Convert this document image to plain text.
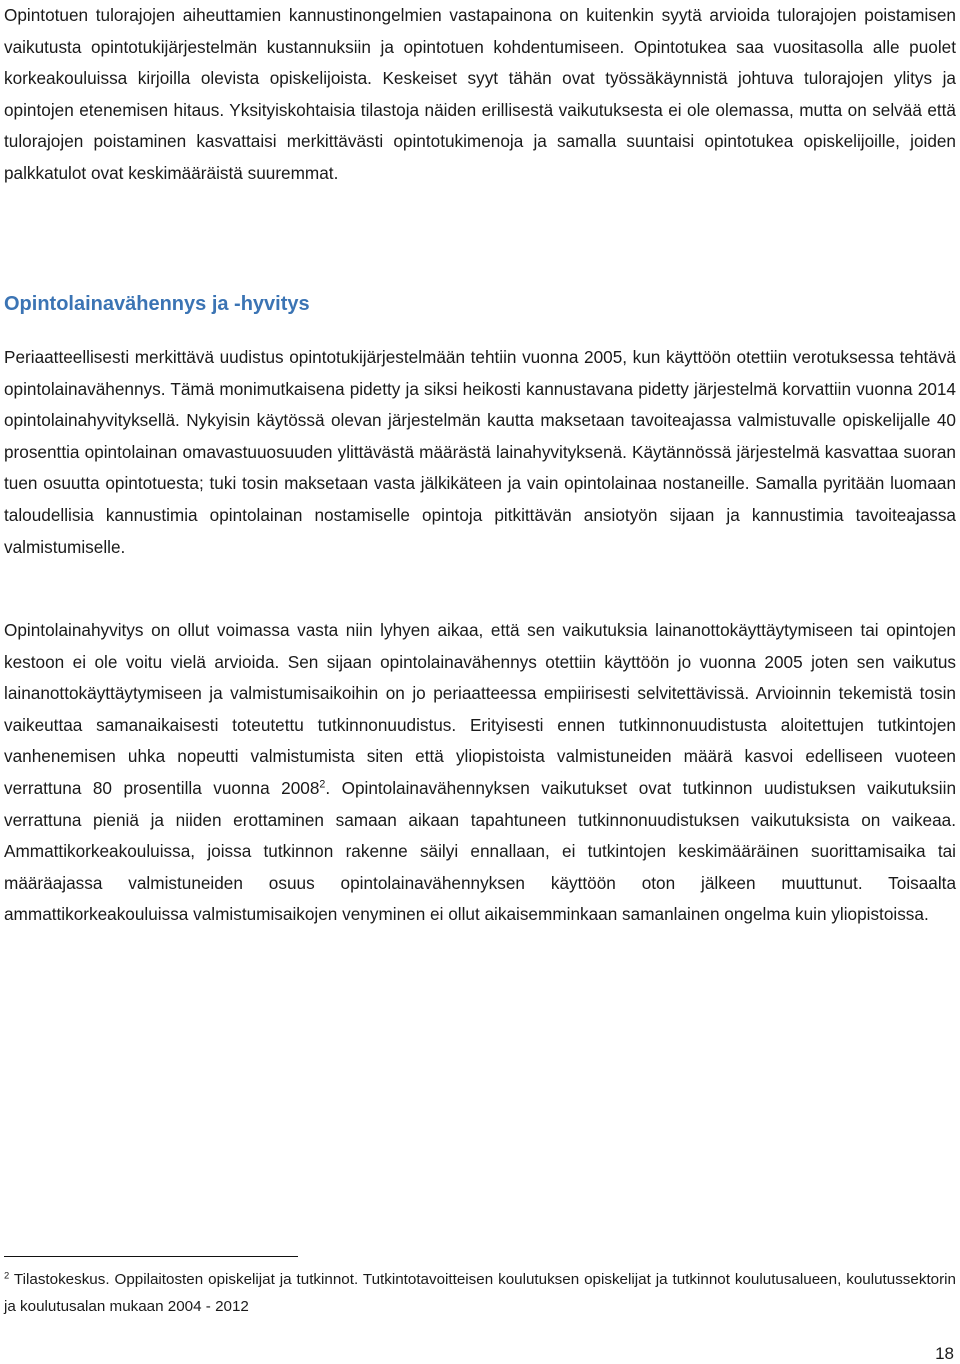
Opintotuen tulorajojen aiheuttamien kannustinongelmien vastapainona on kuitenkin syytä arvioida tulorajojen poistamisen vaikutusta opintotukijärjestelmän kustannuksiin ja opintotuen kohdentumiseen. Opintotukea saa vuositasolla alle puolet korkeakouluissa kirjoilla olevista opiskelijoista. Keskeiset syyt tähän ovat työssäkäynnistä johtuva tulorajojen ylitys ja opintojen etenemisen hitaus. Yksityiskohtaisia tilastoja näiden erillisestä vaikutuksesta ei ole olemassa, mutta on selvää että tulorajojen poistaminen kasvattaisi merkittävästi opintotukimenoja ja samalla suuntaisi opintotukea opiskelijoille, joiden palkkatulot ovat keskimääräistä suuremmat.

Opintolainavähennys ja -hyvitys

Periaatteellisesti merkittävä uudistus opintotukijärjestelmään tehtiin vuonna 2005, kun käyttöön otettiin verotuksessa tehtävä opintolainavähennys. Tämä monimutkaisena pidetty ja siksi heikosti kannustavana pidetty järjestelmä korvattiin vuonna 2014 opintolainahyvityksellä. Nykyisin käytössä olevan järjestelmän kautta maksetaan tavoiteajassa valmistuvalle opiskelijalle 40 prosenttia opintolainan omavastuuosuuden ylittävästä määrästä lainahyvityksenä. Käytännössä järjestelmä kasvattaa suoran tuen osuutta opintotuesta; tuki tosin maksetaan vasta jälkikäteen ja vain opintolainaa nostaneille. Samalla pyritään luomaan taloudellisia kannustimia opintolainan nostamiselle opintoja pitkittävän ansiotyön sijaan ja kannustimia tavoiteajassa valmistumiselle.

Opintolainahyvitys on ollut voimassa vasta niin lyhyen aikaa, että sen vaikutuksia lainanottokäyttäytymiseen tai opintojen kestoon ei ole voitu vielä arvioida. Sen sijaan opintolainavähennys otettiin käyttöön jo vuonna 2005 joten sen vaikutus lainanottokäyttäytymiseen ja valmistumisaikoihin on jo periaatteessa empiirisesti selvitettävissä. Arvioinnin tekemistä tosin vaikeuttaa samanaikaisesti toteutettu tutkinnonuudistus. Erityisesti ennen tutkinnonuudistusta aloitettujen tutkintojen vanhenemisen uhka nopeutti valmistumista siten että yliopistoista valmistuneiden määrä kasvoi edelliseen vuoteen verrattuna 80 prosentilla vuonna 2008$^2$. Opintolainavähennyksen vaikutukset ovat tutkinnon uudistuksen vaikutuksiin verrattuna pieniä ja niiden erottaminen samaan aikaan tapahtuneen tutkinnonuudistuksen vaikutuksista on vaikeaa. Ammattikorkeakouluissa, joissa tutkinnon rakenne säilyi ennallaan, ei tutkintojen keskimääräinen suorittamisaika tai määräajassa valmistuneiden osuus opintolainavähennyksen käyttöön oton jälkeen muuttunut. Toisaalta ammattikorkeakouluissa valmistumisaikojen venyminen ei ollut aikaisemminkaan samanlainen ongelma kuin yliopistoissa.

$^2$ Tilastokeskus. Oppilaitosten opiskelijat ja tutkinnot. Tutkintotavoitteisen koulutuksen opiskelijat ja tutkinnot koulutusalueen, koulutussektorin ja koulutusalan mukaan 2004 - 2012

18
